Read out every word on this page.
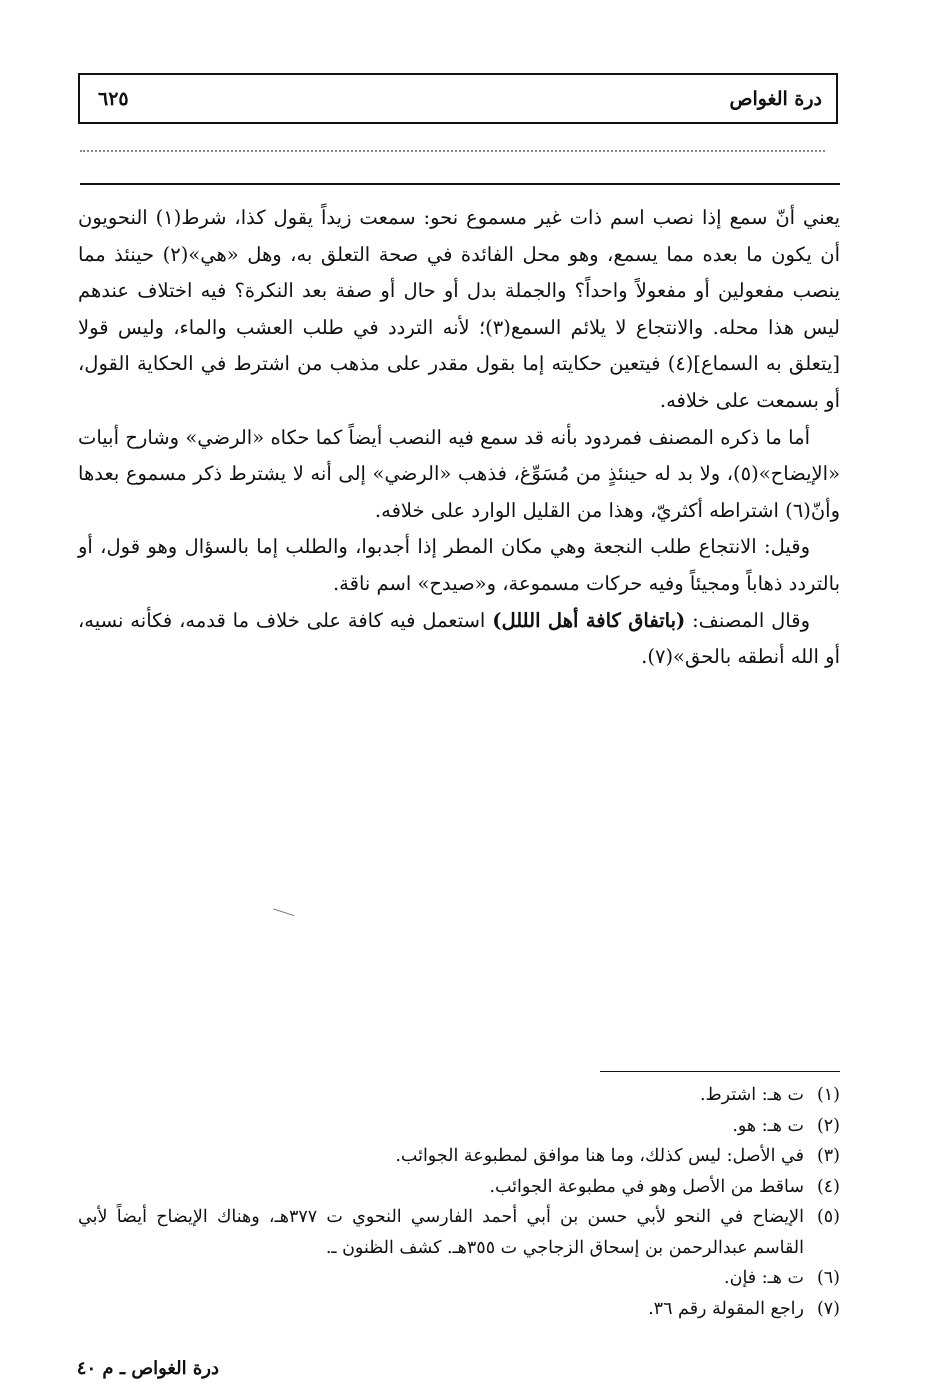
درة الغواص
٦٢٥

يعني أنّ سمع إذا نصب اسم ذات غير مسموع نحو: سمعت زيداً يقول كذا، شرط(١) النحويون أن يكون ما بعده مما يسمع، وهو محل الفائدة في صحة التعلق به، وهل «هي»(٢) حينئذ مما ينصب مفعولين أو مفعولاً واحداً؟ والجملة بدل أو حال أو صفة بعد النكرة؟ فيه اختلاف عندهم ليس هذا محله. والانتجاع لا يلائم السمع(٣)؛ لأنه التردد في طلب العشب والماء، وليس قولا [يتعلق به السماع](٤) فيتعين حكايته إما بقول مقدر على مذهب من اشترط في الحكاية القول، أو بسمعت على خلافه.

أما ما ذكره المصنف فمردود بأنه قد سمع فيه النصب أيضاً كما حكاه «الرضي» وشارح أبيات «الإيضاح»(٥)، ولا بد له حينئذٍ من مُسَوِّغ، فذهب «الرضي» إلى أنه لا يشترط ذكر مسموع بعدها وأنّ(٦) اشتراطه أكثريّ، وهذا من القليل الوارد على خلافه.

وقيل: الانتجاع طلب النجعة وهي مكان المطر إذا أجدبوا، والطلب إما بالسؤال وهو قول، أو بالتردد ذهاباً ومجيئاً وفيه حركات مسموعة، و«صيدح» اسم ناقة.

وقال المصنف: (باتفاق كافة أهل الللل) استعمل فيه كافة على خلاف ما قدمه، فكأنه نسيه، أو الله أنطقه بالحق»(٧).

(١)
ت هـ: اشترط.
(٢)
ت هـ: هو.
(٣)
في الأصل: ليس كذلك، وما هنا موافق لمطبوعة الجوائب.
(٤)
ساقط من الأصل وهو في مطبوعة الجوائب.
(٥)
الإيضاح في النحو لأبي حسن بن أبي أحمد الفارسي النحوي ت ٣٧٧هـ، وهناك الإيضاح أيضاً لأبي القاسم عبدالرحمن بن إسحاق الزجاجي ت ٣٥٥هـ. كشف الظنون ـ.
(٦)
ت هـ: فإن.
(٧)
راجع المقولة رقم ٣٦.
درة الغواص ـ م ٤٠
